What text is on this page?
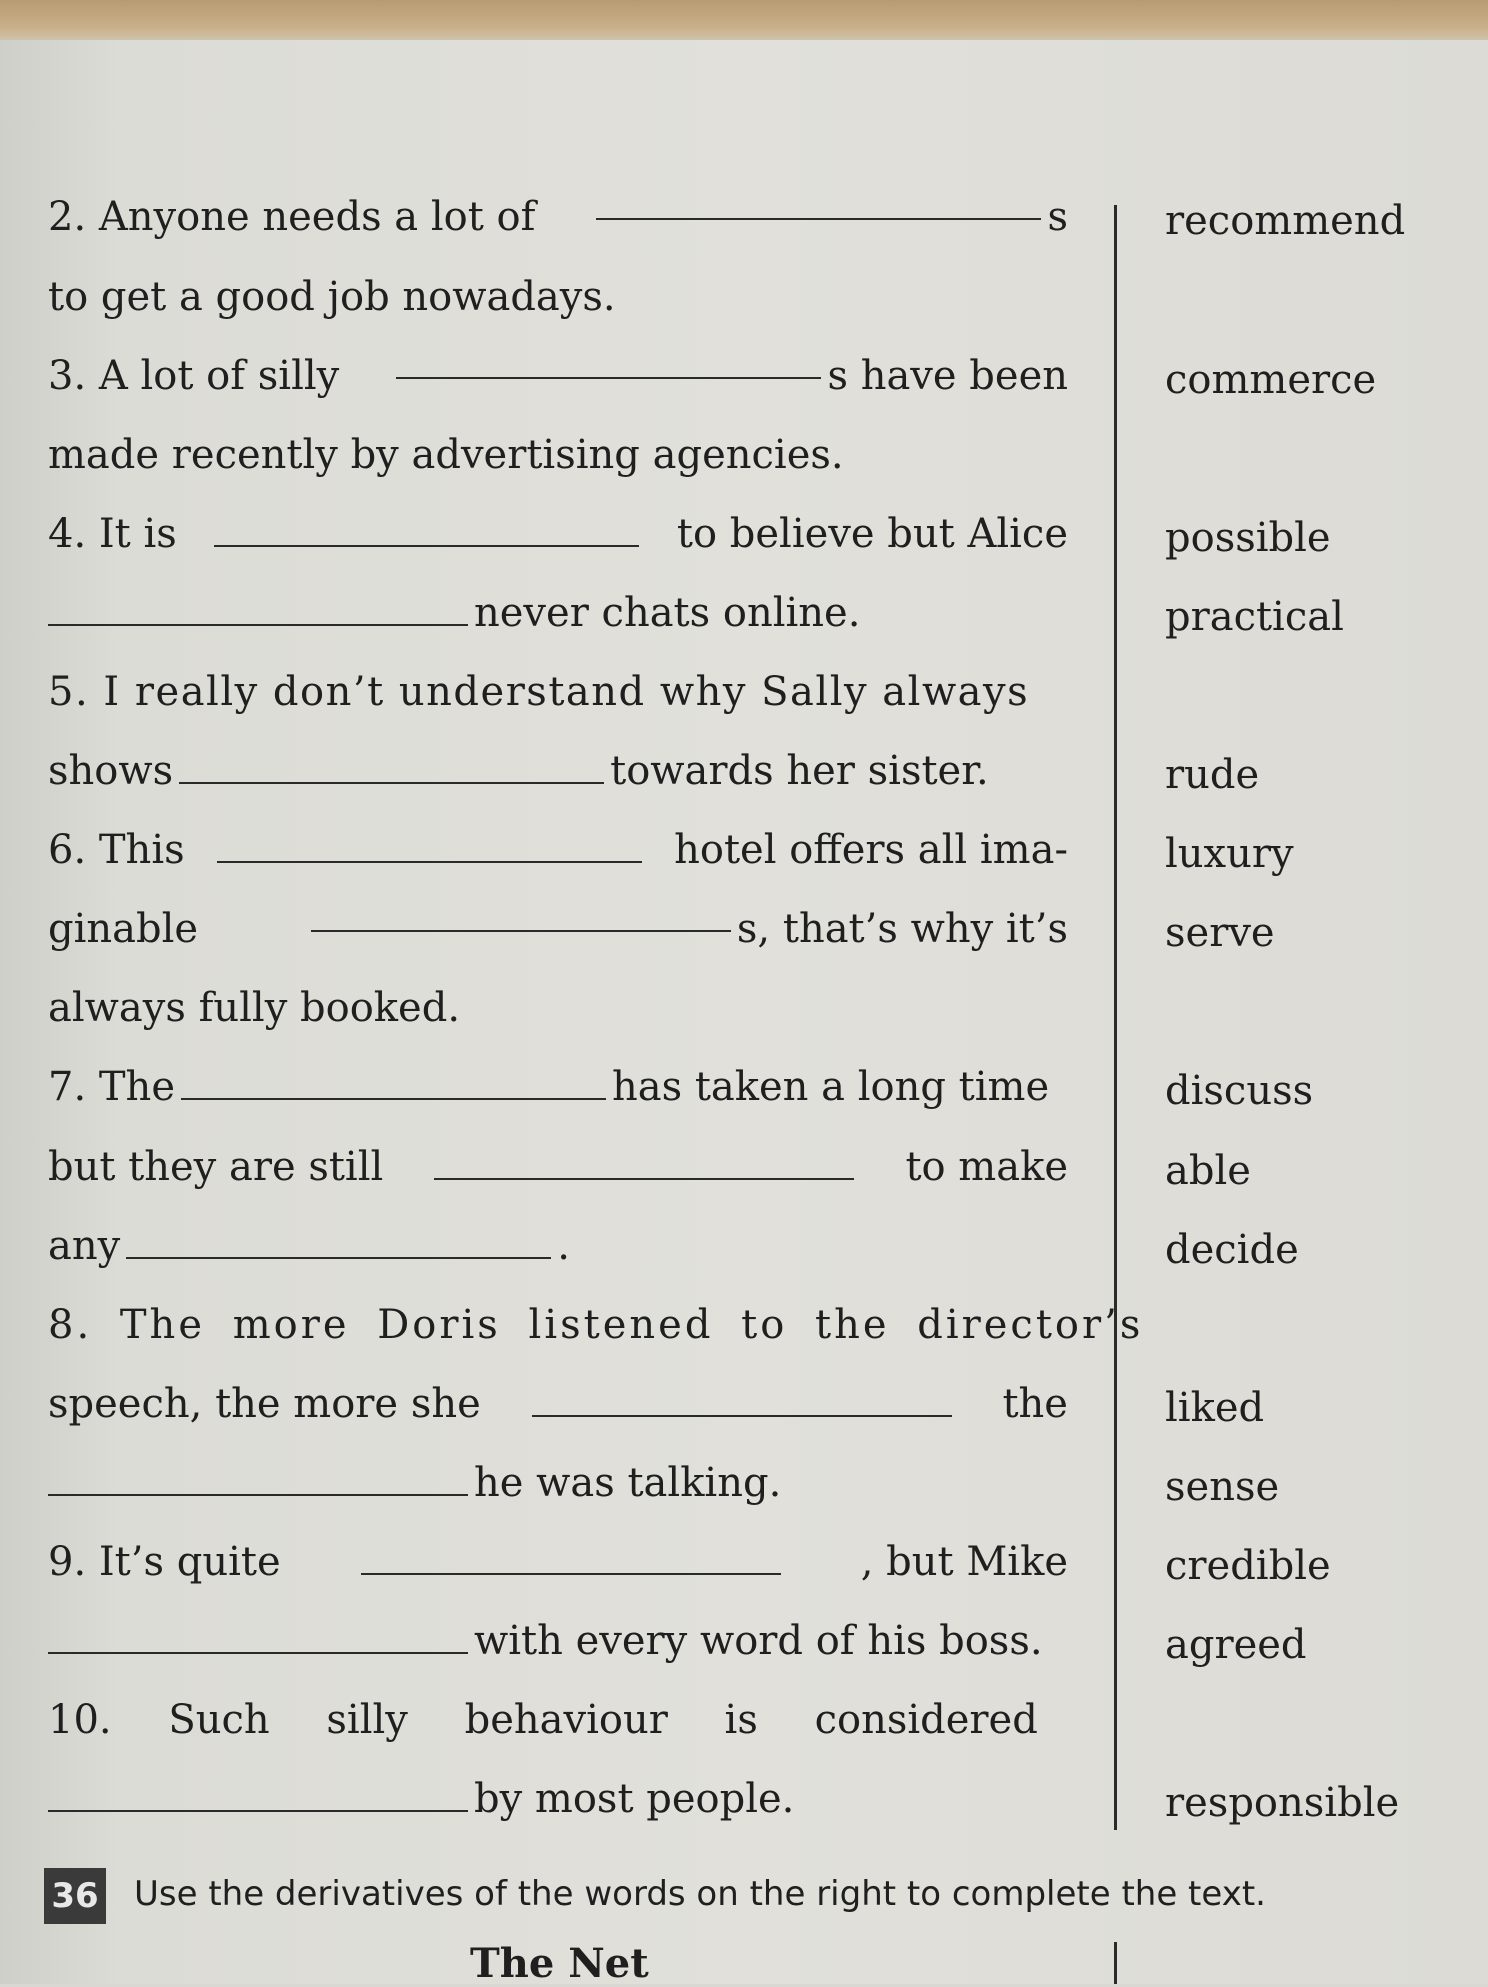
2. Anyone needs a lot of	s
to get a good job nowadays.
3. A lot of silly	s have been
made recently by advertising agencies.
4. It is	to believe but Alice
never chats online.
5. I really don’t understand why Sally always
shows	towards her sister.
6. This	hotel offers all ima-
ginable	s, that’s why it’s
always fully booked.
7. The	has taken a long time
but they are still	to make
any	.
8. The more Doris listened to the director’s
speech, the more she	the
he was talking.
9. It’s quite	, but Mike
with every word of his boss.
10. Such silly behaviour is considered
by most people.
recommend
commerce
possible
practical
rude
luxury
serve
discuss
able
decide
liked
sense
credible
agreed
responsible
36 Use the derivatives of the words on the right to complete the text.
The Net
